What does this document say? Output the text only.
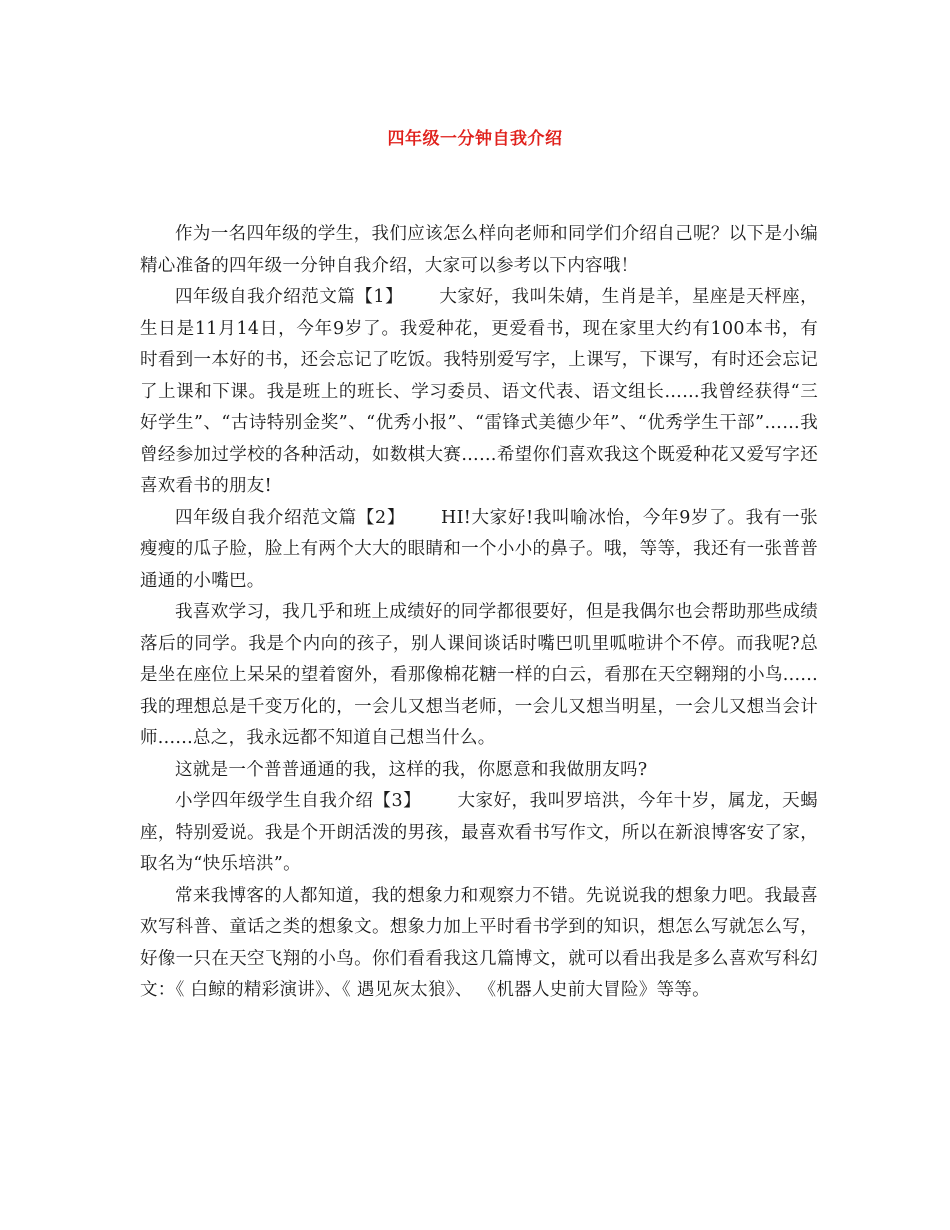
四年级一分钟自我介绍

作为一名四年级的学生，我们应该怎么样向老师和同学们介绍自己呢？以下是小编精心准备的四年级一分钟自我介绍，大家可以参考以下内容哦！

四年级自我介绍范文篇【1】 大家好，我叫朱婧，生肖是羊，星座是天枰座，生日是11月14日，今年9岁了。我爱种花，更爱看书，现在家里大约有100本书，有时看到一本好的书，还会忘记了吃饭。我特别爱写字，上课写，下课写，有时还会忘记了上课和下课。我是班上的班长、学习委员、语文代表、语文组长……我曾经获得“三好学生”、“古诗特别金奖”、“优秀小报”、“雷锋式美德少年”、“优秀学生干部”……我曾经参加过学校的各种活动，如数棋大赛……希望你们喜欢我这个既爱种花又爱写字还喜欢看书的朋友!

四年级自我介绍范文篇【2】 HI!大家好!我叫喻冰怡，今年9岁了。我有一张瘦瘦的瓜子脸，脸上有两个大大的眼睛和一个小小的鼻子。哦，等等，我还有一张普普通通的小嘴巴。

我喜欢学习，我几乎和班上成绩好的同学都很要好，但是我偶尔也会帮助那些成绩落后的同学。我是个内向的孩子，别人课间谈话时嘴巴叽里呱啦讲个不停。而我呢?总是坐在座位上呆呆的望着窗外，看那像棉花糖一样的白云，看那在天空翱翔的小鸟......我的理想总是千变万化的，一会儿又想当老师，一会儿又想当明星，一会儿又想当会计师......总之，我永远都不知道自己想当什么。

这就是一个普普通通的我，这样的我，你愿意和我做朋友吗?

小学四年级学生自我介绍【3】 大家好，我叫罗培洪，今年十岁，属龙，天蝎座，特别爱说。我是个开朗活泼的男孩，最喜欢看书写作文，所以在新浪博客安了家，取名为“快乐培洪”。

常来我博客的人都知道，我的想象力和观察力不错。先说说我的想象力吧。我最喜欢写科普、童话之类的想象文。想象力加上平时看书学到的知识，想怎么写就怎么写，好像一只在天空飞翔的小鸟。你们看看我这几篇博文，就可以看出我是多么喜欢写科幻文：《 白鲸的精彩演讲》、《 遇见灰太狼》、 《机器人史前大冒险》等等。
